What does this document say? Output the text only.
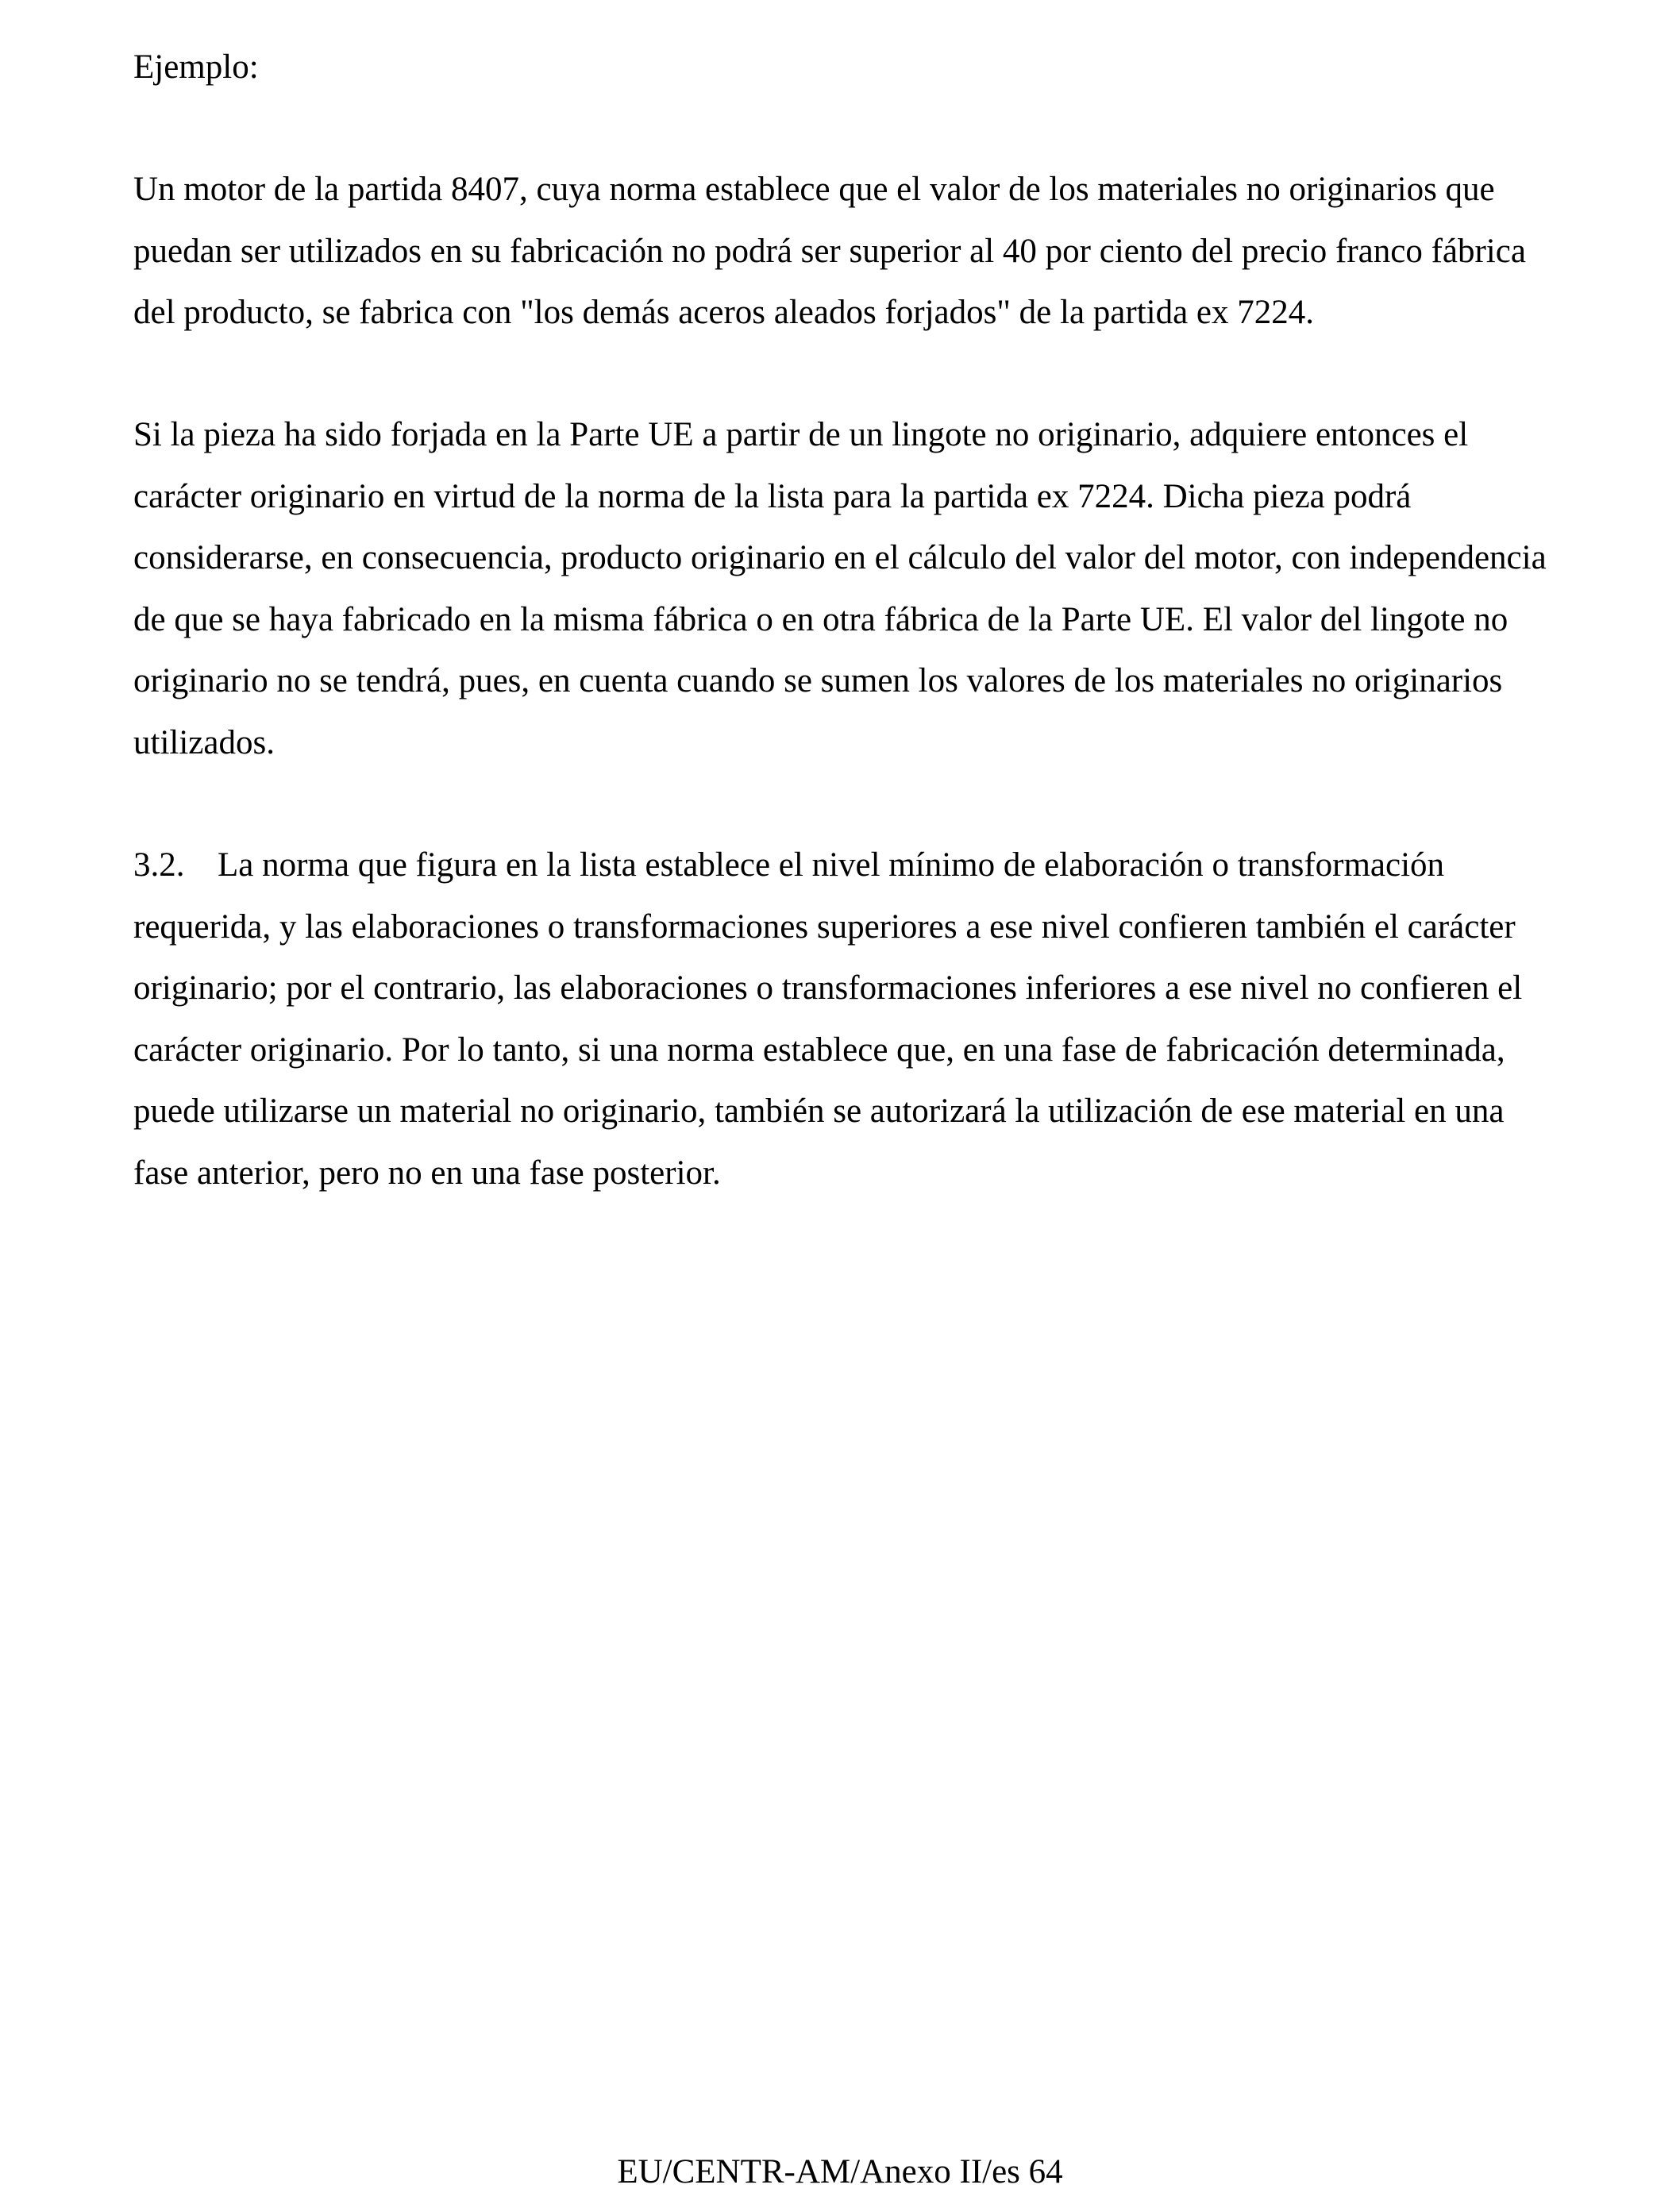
Ejemplo:

Un motor de la partida 8407, cuya norma establece que el valor de los materiales no originarios que puedan ser utilizados en su fabricación no podrá ser superior al 40 por ciento del precio franco fábrica del producto, se fabrica con "los demás aceros aleados forjados" de la partida ex 7224.

Si la pieza ha sido forjada en la Parte UE a partir de un lingote no originario, adquiere entonces el carácter originario en virtud de la norma de la lista para la partida ex 7224. Dicha pieza podrá considerarse, en consecuencia, producto originario en el cálculo del valor del motor, con independencia de que se haya fabricado en la misma fábrica o en otra fábrica de la Parte UE. El valor del lingote no originario no se tendrá, pues, en cuenta cuando se sumen los valores de los materiales no originarios utilizados.

3.2. La norma que figura en la lista establece el nivel mínimo de elaboración o transformación requerida, y las elaboraciones o transformaciones superiores a ese nivel confieren también el carácter originario; por el contrario, las elaboraciones o transformaciones inferiores a ese nivel no confieren el carácter originario. Por lo tanto, si una norma establece que, en una fase de fabricación determinada, puede utilizarse un material no originario, también se autorizará la utilización de ese material en una fase anterior, pero no en una fase posterior.

EU/CENTR-AM/Anexo II/es 64
